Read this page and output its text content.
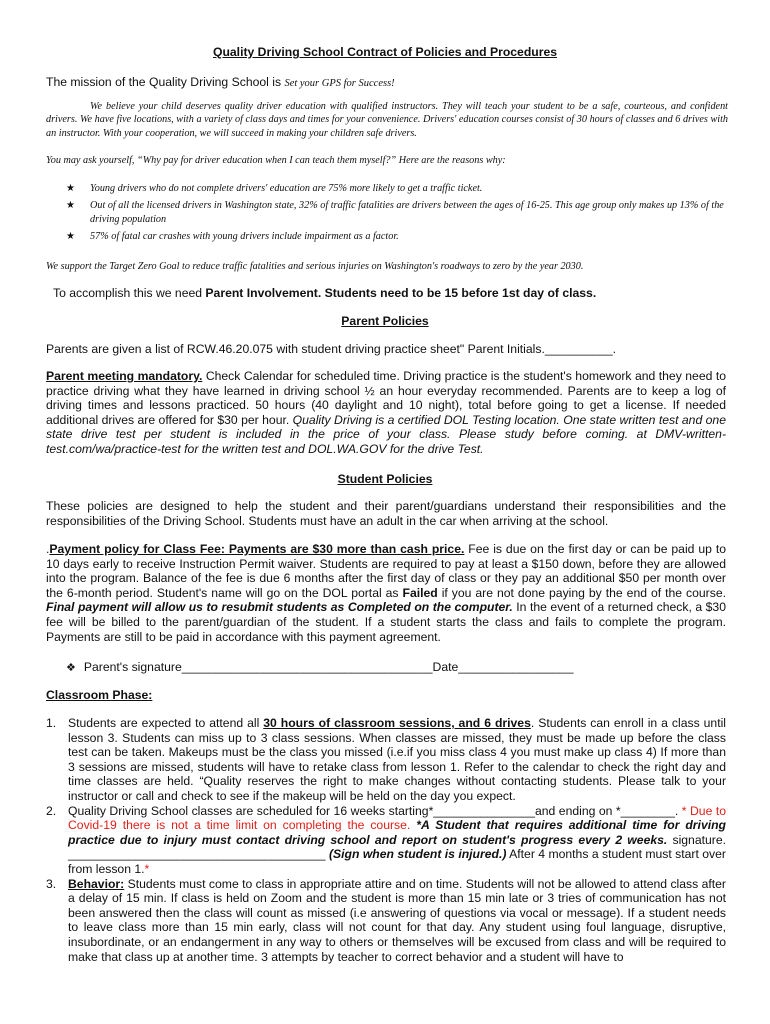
Quality Driving School Contract of Policies and Procedures
The mission of the Quality Driving School is Set your GPS for Success!
We believe your child deserves quality driver education with qualified instructors. They will teach your student to be a safe, courteous, and confident drivers. We have five locations, with a variety of class days and times for your convenience. Drivers' education courses consist of 30 hours of classes and 6 drives with an instructor. With your cooperation, we will succeed in making your children safe drivers.
You may ask yourself, “Why pay for driver education when I can teach them myself?” Here are the reasons why:
★ Young drivers who do not complete drivers' education are 75% more likely to get a traffic ticket.
★ Out of all the licensed drivers in Washington state, 32% of traffic fatalities are drivers between the ages of 16-25. This age group only makes up 13% of the driving population
★ 57% of fatal car crashes with young drivers include impairment as a factor.
We support the Target Zero Goal to reduce traffic fatalities and serious injuries on Washington's roadways to zero by the year 2030.
To accomplish this we need Parent Involvement. Students need to be 15 before 1st day of class.
Parent Policies
Parents are given a list of RCW.46.20.075 with student driving practice sheet" Parent Initials.__________.
Parent meeting mandatory. Check Calendar for scheduled time. Driving practice is the student's homework and they need to practice driving what they have learned in driving school ½ an hour everyday recommended. Parents are to keep a log of driving times and lessons practiced. 50 hours (40 daylight and 10 night), total before going to get a license. If needed additional drives are offered for $30 per hour. Quality Driving is a certified DOL Testing location. One state written test and one state drive test per student is included in the price of your class. Please study before coming. at DMV-written-test.com/wa/practice-test for the written test and DOL.WA.GOV for the drive Test.
Student Policies
These policies are designed to help the student and their parent/guardians understand their responsibilities and the responsibilities of the Driving School. Students must have an adult in the car when arriving at the school.
.Payment policy for Class Fee: Payments are $30 more than cash price. Fee is due on the first day or can be paid up to 10 days early to receive Instruction Permit waiver. Students are required to pay at least a $150 down, before they are allowed into the program. Balance of the fee is due 6 months after the first day of class or they pay an additional $50 per month over the 6-month period. Student's name will go on the DOL portal as Failed if you are not done paying by the end of the course. Final payment will allow us to resubmit students as Completed on the computer. In the event of a returned check, a $30 fee will be billed to the parent/guardian of the student. If a student starts the class and fails to complete the program. Payments are still to be paid in accordance with this payment agreement.
❖ Parent's signature_____________________________________Date_________________
Classroom Phase:
1. Students are expected to attend all 30 hours of classroom sessions, and 6 drives. Students can enroll in a class until lesson 3. Students can miss up to 3 class sessions. When classes are missed, they must be made up before the class test can be taken. Makeups must be the class you missed (i.e.if you miss class 4 you must make up class 4) If more than 3 sessions are missed, students will have to retake class from lesson 1. Refer to the calendar to check the right day and time classes are held. “Quality reserves the right to make changes without contacting students. Please talk to your instructor or call and check to see if the makeup will be held on the day you expect.
2. Quality Driving School classes are scheduled for 16 weeks starting*_______________and ending on *________. * Due to Covid-19 there is not a time limit on completing the course. *A Student that requires additional time for driving practice due to injury must contact driving school and report on student's progress every 2 weeks. signature. ______________________________________ (Sign when student is injured.) After 4 months a student must start over from lesson 1.*
3. Behavior: Students must come to class in appropriate attire and on time. Students will not be allowed to attend class after a delay of 15 min. If class is held on Zoom and the student is more than 15 min late or 3 tries of communication has not been answered then the class will count as missed (i.e answering of questions via vocal or message). If a student needs to leave class more than 15 min early, class will not count for that day. Any student using foul language, disruptive, insubordinate, or an endangerment in any way to others or themselves will be excused from class and will be required to make that class up at another time. 3 attempts by teacher to correct behavior and a student will have to
